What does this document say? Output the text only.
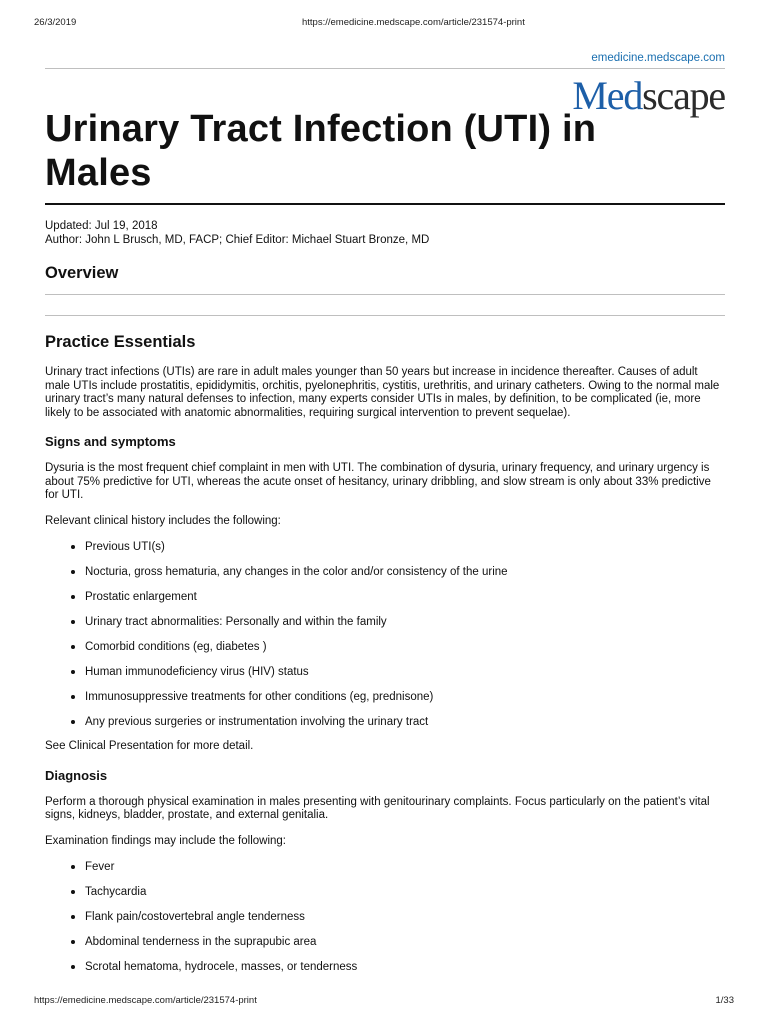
26/3/2019	https://emedicine.medscape.com/article/231574-print
emedicine.medscape.com
Medscape
Urinary Tract Infection (UTI) in Males
Updated: Jul 19, 2018
Author: John L Brusch, MD, FACP; Chief Editor: Michael Stuart Bronze, MD
Overview
Practice Essentials

Urinary tract infections (UTIs) are rare in adult males younger than 50 years but increase in incidence thereafter. Causes of adult male UTIs include prostatitis, epididymitis, orchitis, pyelonephritis, cystitis, urethritis, and urinary catheters. Owing to the normal male urinary tract’s many natural defenses to infection, many experts consider UTIs in males, by definition, to be complicated (ie, more likely to be associated with anatomic abnormalities, requiring surgical intervention to prevent sequelae).

Signs and symptoms

Dysuria is the most frequent chief complaint in men with UTI. The combination of dysuria, urinary frequency, and urinary urgency is about 75% predictive for UTI, whereas the acute onset of hesitancy, urinary dribbling, and slow stream is only about 33% predictive for UTI.

Relevant clinical history includes the following:

Previous UTI(s)
Nocturia, gross hematuria, any changes in the color and/or consistency of the urine
Prostatic enlargement
Urinary tract abnormalities: Personally and within the family
Comorbid conditions (eg, diabetes )
Human immunodeficiency virus (HIV) status
Immunosuppressive treatments for other conditions (eg, prednisone)
Any previous surgeries or instrumentation involving the urinary tract

See Clinical Presentation for more detail.

Diagnosis

Perform a thorough physical examination in males presenting with genitourinary complaints. Focus particularly on the patient’s vital signs, kidneys, bladder, prostate, and external genitalia.

Examination findings may include the following:

Fever
Tachycardia
Flank pain/costovertebral angle tenderness
Abdominal tenderness in the suprapubic area
Scrotal hematoma, hydrocele, masses, or tenderness
https://emedicine.medscape.com/article/231574-print	1/33
